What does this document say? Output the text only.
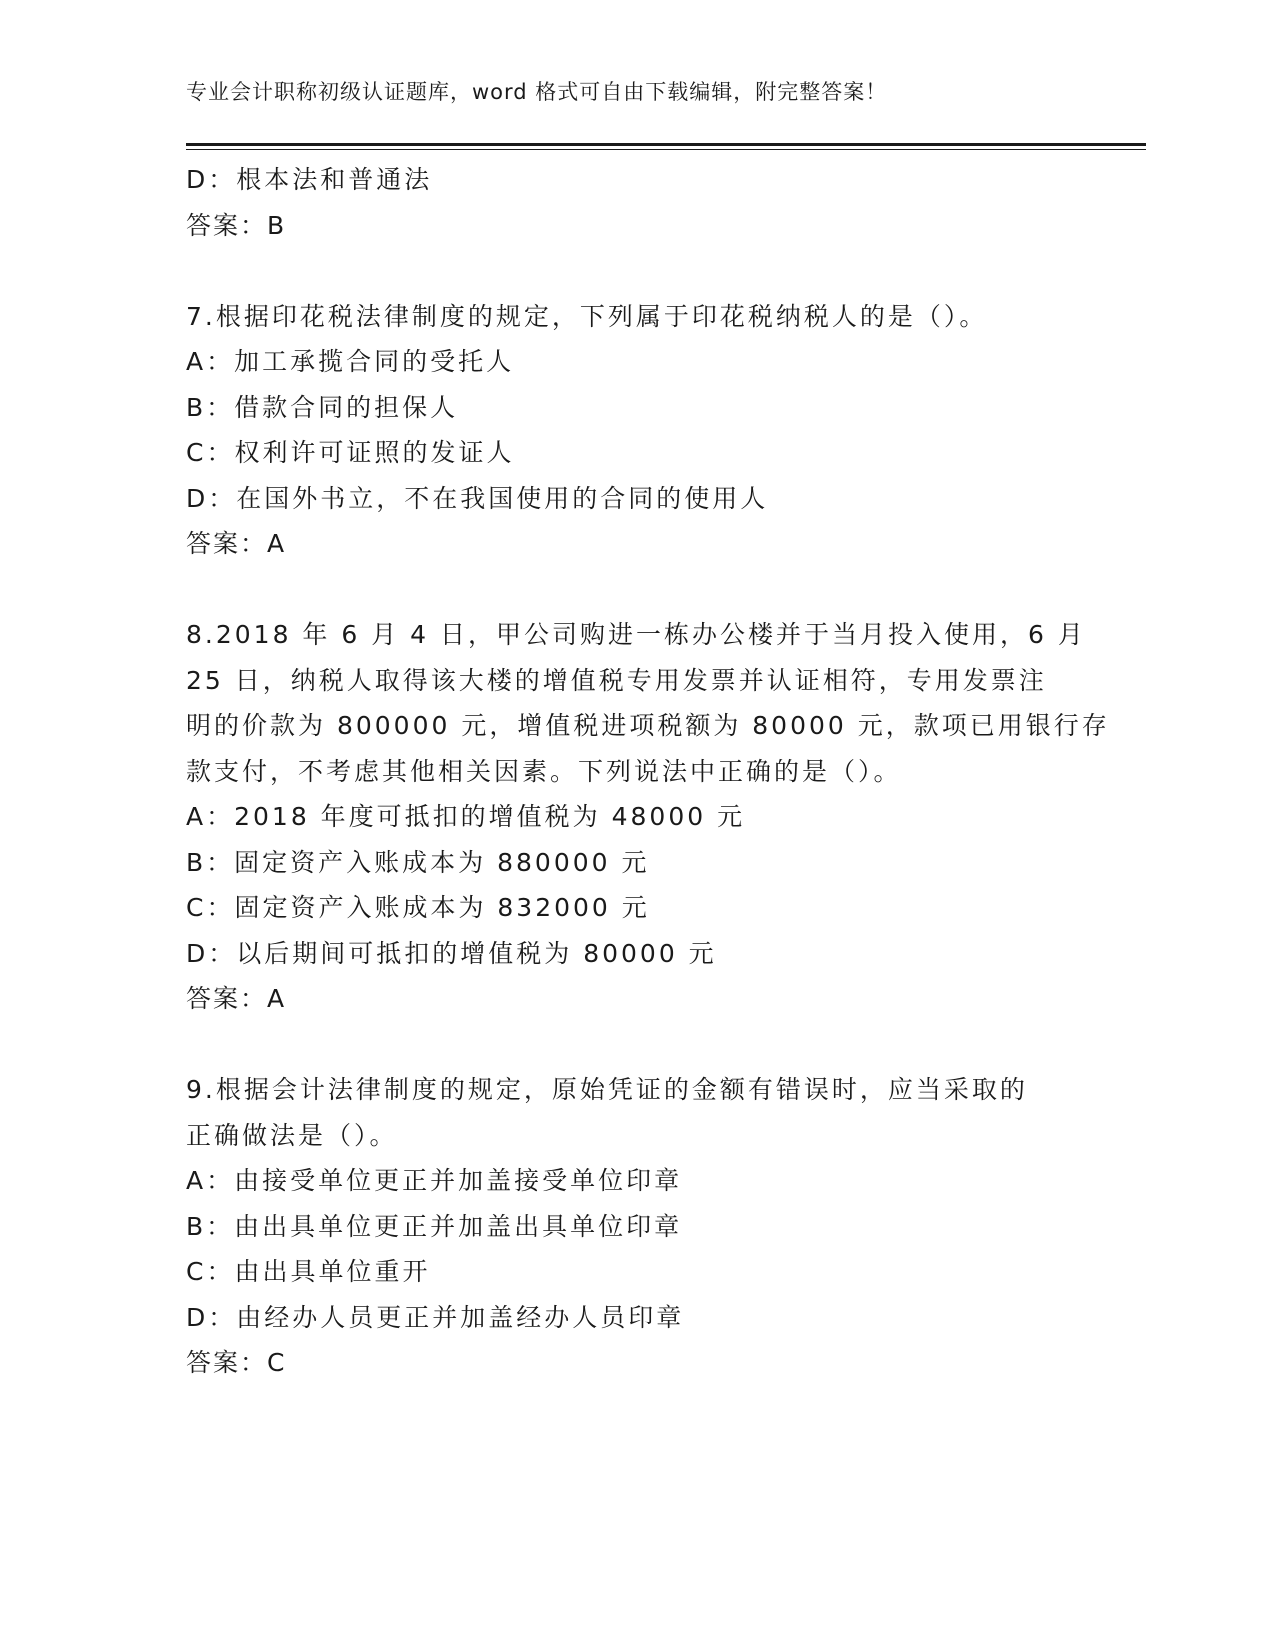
专业会计职称初级认证题库，word 格式可自由下载编辑，附完整答案！
D：根本法和普通法
答案：B
7.根据印花税法律制度的规定，下列属于印花税纳税人的是（）。
A：加工承揽合同的受托人
B：借款合同的担保人
C：权利许可证照的发证人
D：在国外书立，不在我国使用的合同的使用人
答案：A
8.2018 年 6 月 4 日，甲公司购进一栋办公楼并于当月投入使用，6 月
25 日，纳税人取得该大楼的增值税专用发票并认证相符，专用发票注
明的价款为 800000 元，增值税进项税额为 80000 元，款项已用银行存
款支付，不考虑其他相关因素。下列说法中正确的是（）。
A：2018 年度可抵扣的增值税为 48000 元
B：固定资产入账成本为 880000 元
C：固定资产入账成本为 832000 元
D：以后期间可抵扣的增值税为 80000 元
答案：A
9.根据会计法律制度的规定，原始凭证的金额有错误时，应当采取的
正确做法是（）。
A：由接受单位更正并加盖接受单位印章
B：由出具单位更正并加盖出具单位印章
C：由出具单位重开
D：由经办人员更正并加盖经办人员印章
答案：C
